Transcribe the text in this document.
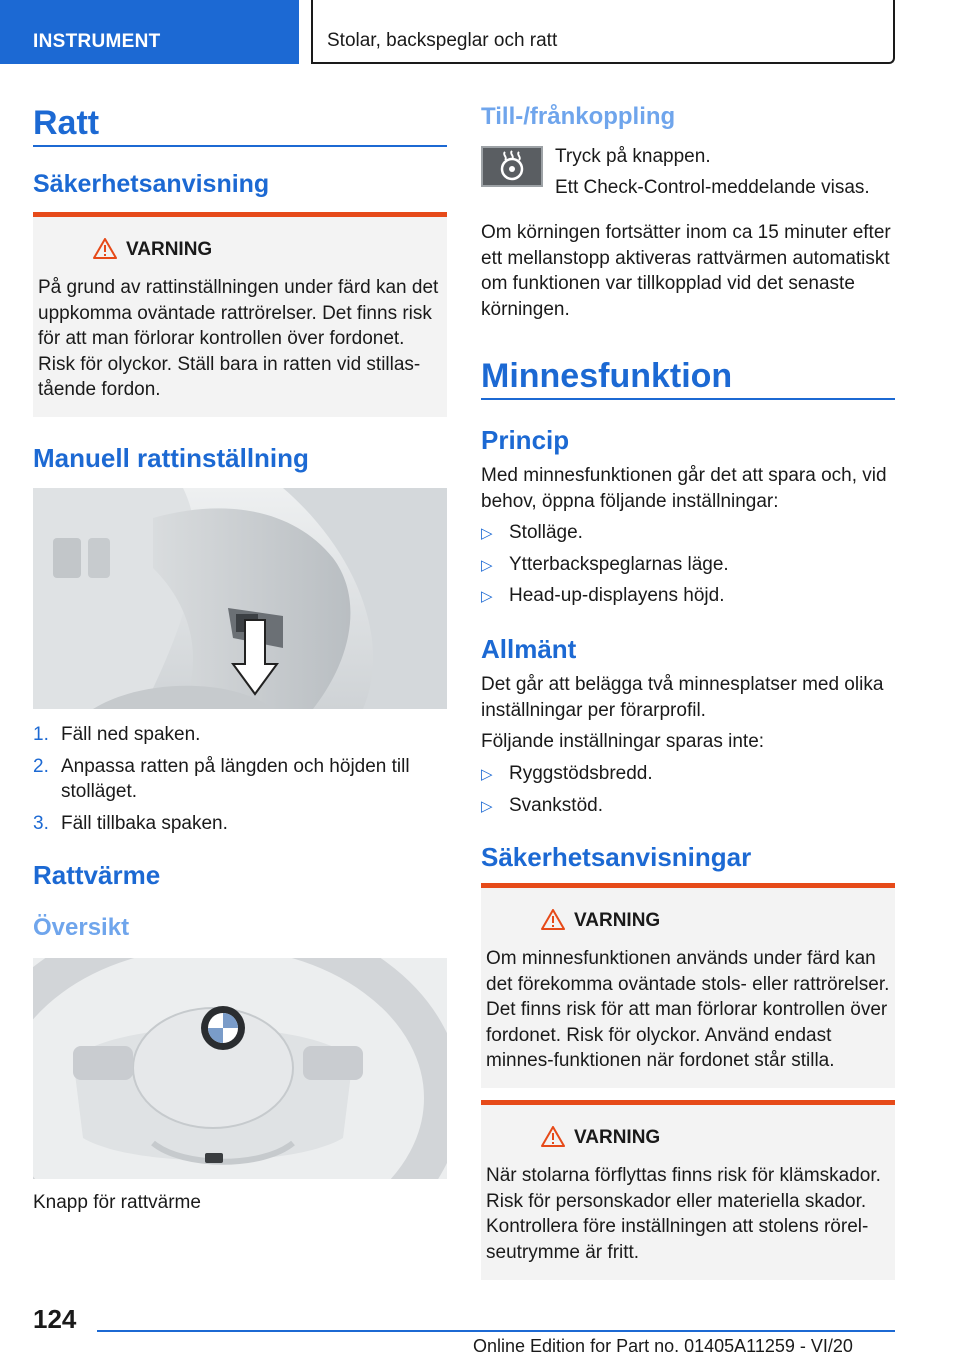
INSTRUMENT	Stolar, backspeglar och ratt
Ratt
Säkerhetsanvisning
VARNING
På grund av rattinställningen under färd kan det uppkomma oväntade rattrörelser. Det finns risk för att man förlorar kontrollen över fordonet. Risk för olyckor. Ställ bara in ratten vid stillastående fordon.
Manuell rattinställning
1. Fäll ned spaken.
2. Anpassa ratten på längden och höjden till stolläget.
3. Fäll tillbaka spaken.
Rattvärme
Översikt
Knapp för rattvärme
Till-/frånkoppling

Tryck på knappen.

Ett Check-Control-meddelande visas.

Om körningen fortsätter inom ca 15 minuter efter ett mellanstopp aktiveras rattvärmen automatiskt om funktionen var tillkopplad vid det senaste körningen.

Minnesfunktion
Princip

Med minnesfunktionen går det att spara och, vid behov, öppna följande inställningar:

▷ Stolläge.
▷ Ytterbackspeglarnas läge.
▷ Head-up-displayens höjd.
Allmänt

Det går att belägga två minnesplatser med olika inställningar per förarprofil.

Följande inställningar sparas inte:

▷ Ryggstödsbredd.
▷ Svankstöd.
Säkerhetsanvisningar
VARNING
Om minnesfunktionen används under färd kan det förekomma oväntade stols- eller rattrörelser. Det finns risk för att man förlorar kontrollen över fordonet. Risk för olyckor. Använd endast minnes-funktionen när fordonet står stilla.
VARNING
När stolarna förflyttas finns risk för klämskador. Risk för personskador eller materiella skador. Kontrollera före inställningen att stolens rörelseutrymme är fritt.
124
Online Edition for Part no. 01405A11259 - VI/20
